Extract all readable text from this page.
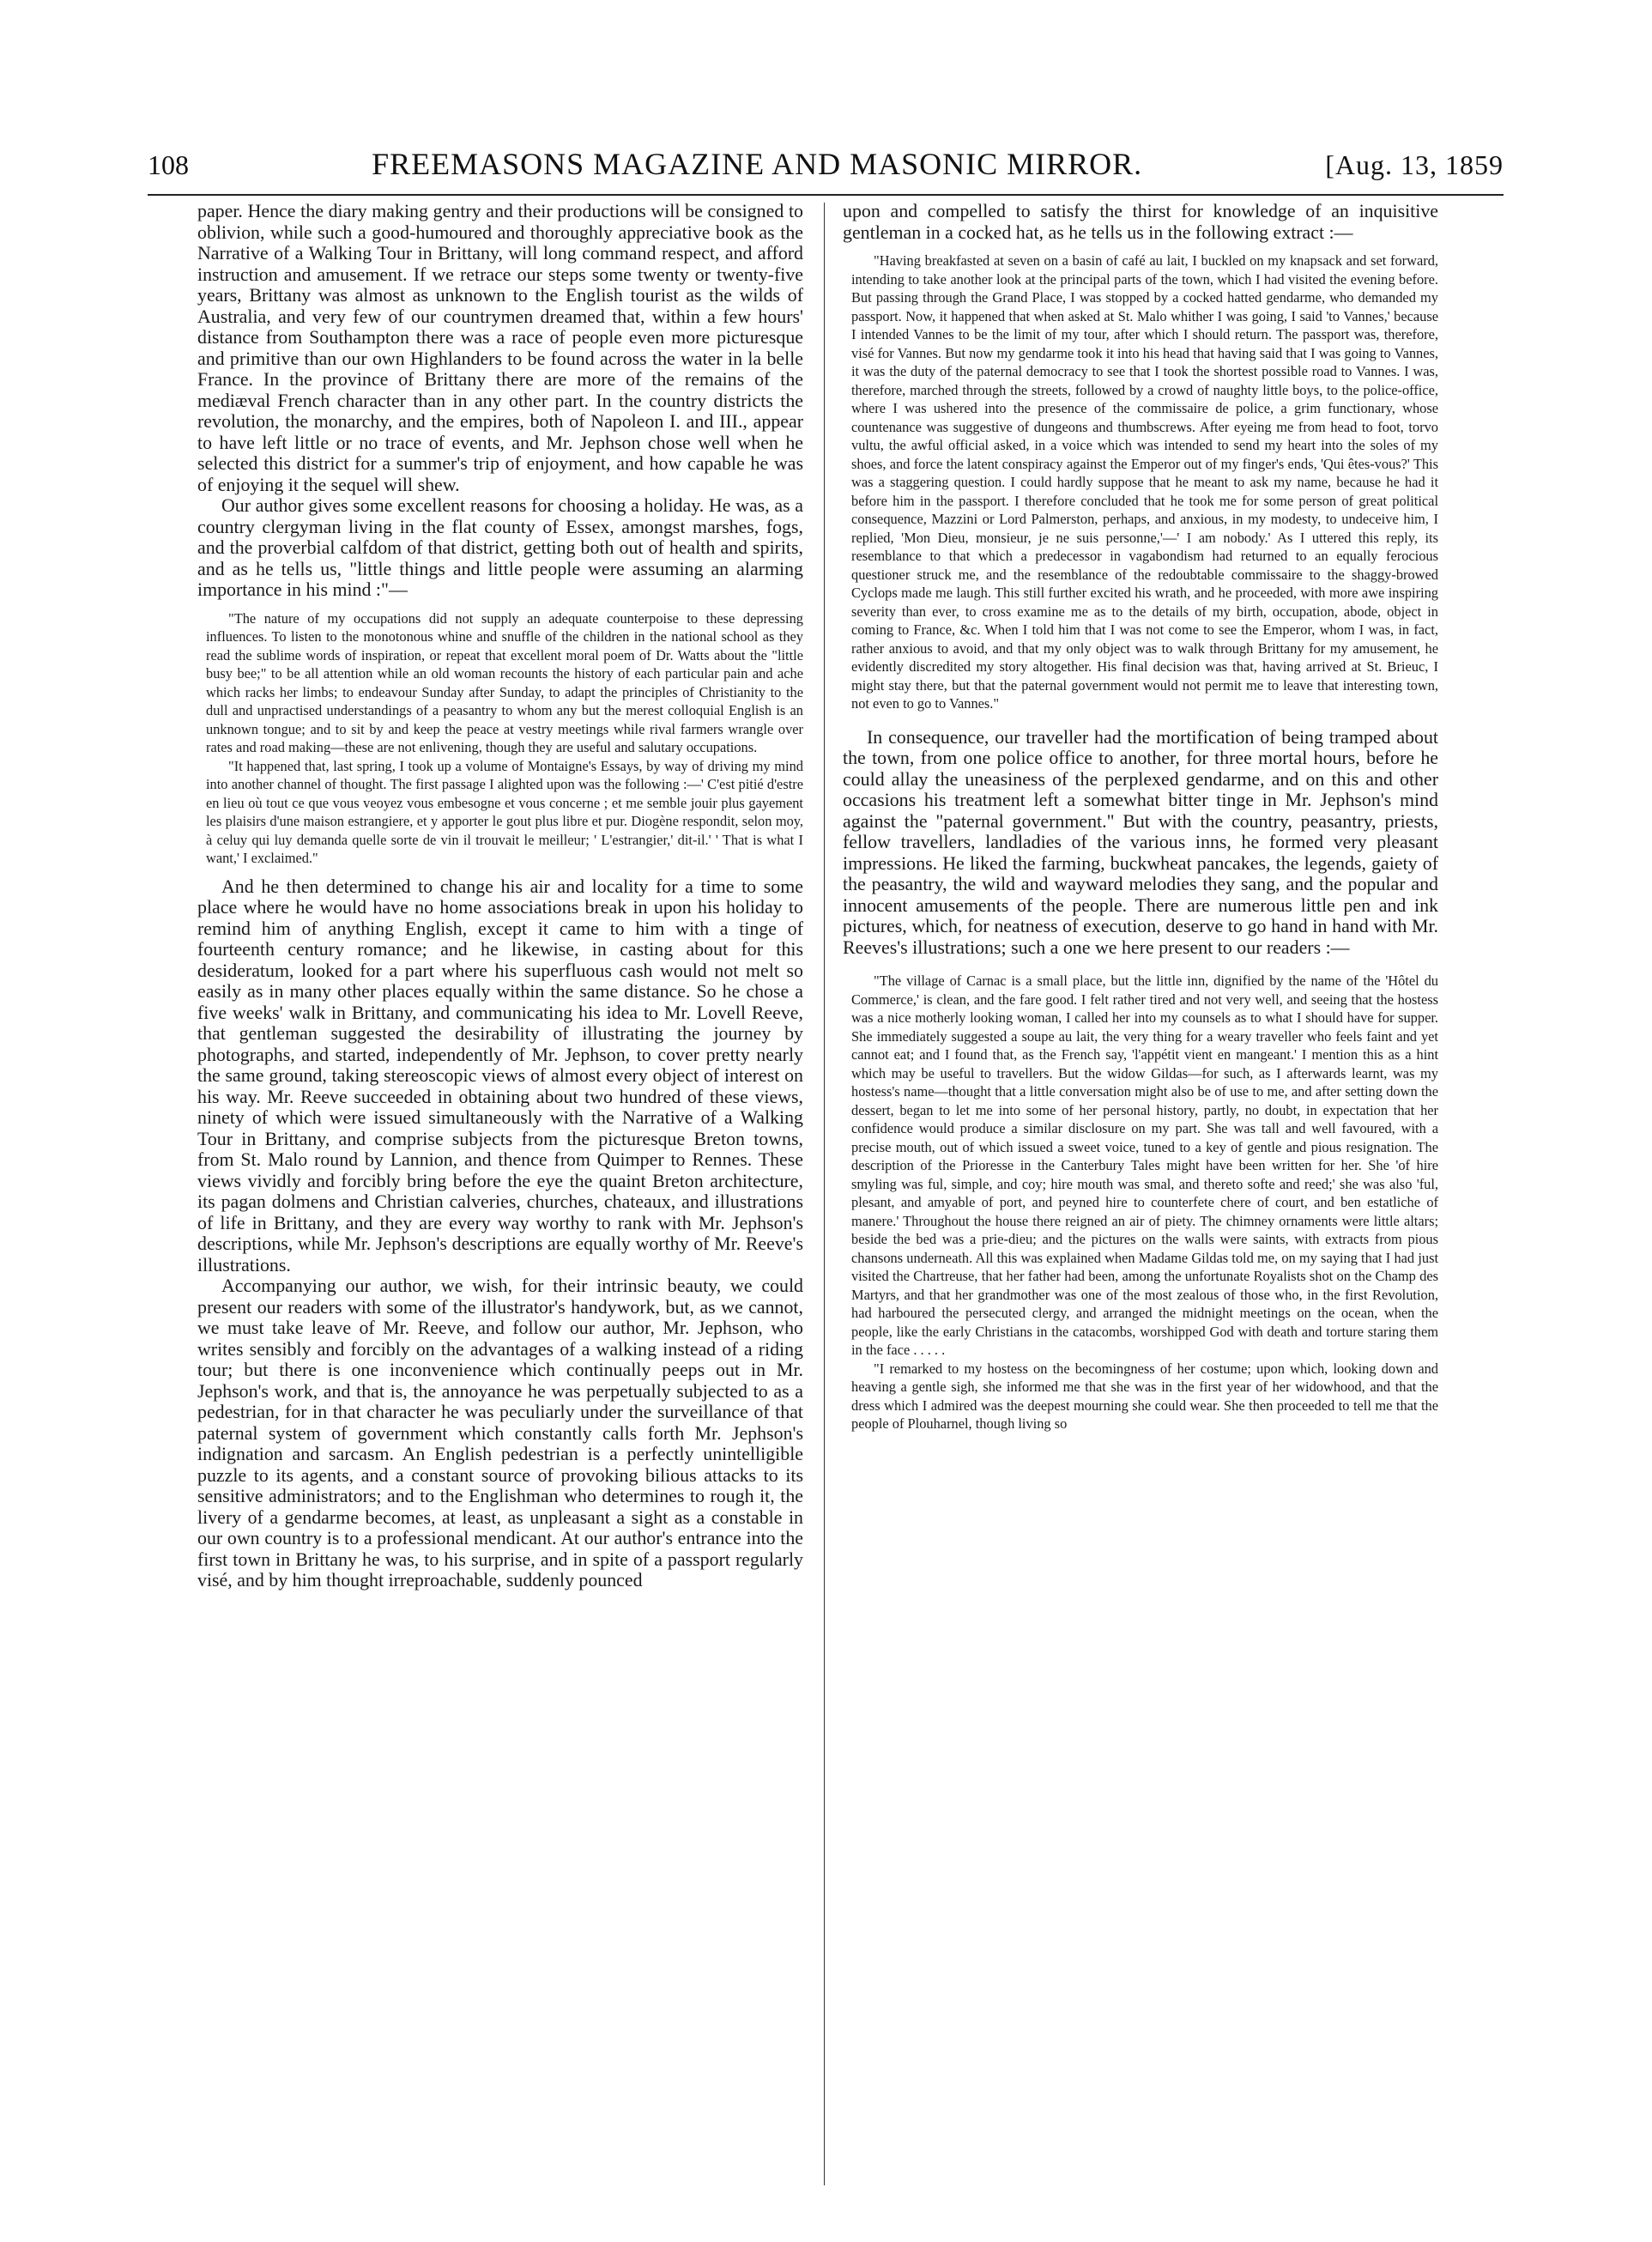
108	FREEMASONS MAGAZINE AND MASONIC MIRROR.	[Aug. 13, 1859

paper. Hence the diary making gentry and their productions will be consigned to oblivion, while such a good-humoured and thoroughly appreciative book as the Narrative of a Walking Tour in Brittany, will long command respect, and afford instruction and amusement. If we retrace our steps some twenty or twenty-five years, Brittany was almost as unknown to the English tourist as the wilds of Australia, and very few of our countrymen dreamed that, within a few hours' distance from Southampton there was a race of people even more picturesque and primitive than our own Highlanders to be found across the water in la belle France. In the province of Brittany there are more of the remains of the mediæval French character than in any other part. In the country districts the revolution, the monarchy, and the empires, both of Napoleon I. and III., appear to have left little or no trace of events, and Mr. Jephson chose well when he selected this district for a summer's trip of enjoyment, and how capable he was of enjoying it the sequel will shew.

Our author gives some excellent reasons for choosing a holiday. He was, as a country clergyman living in the flat county of Essex, amongst marshes, fogs, and the proverbial calfdom of that district, getting both out of health and spirits, and as he tells us, "little things and little people were assuming an alarming importance in his mind :"—

"The nature of my occupations did not supply an adequate counterpoise to these depressing influences. To listen to the monotonous whine and snuffle of the children in the national school as they read the sublime words of inspiration, or repeat that excellent moral poem of Dr. Watts about the "little busy bee;" to be all attention while an old woman recounts the history of each particular pain and ache which racks her limbs; to endeavour Sunday after Sunday, to adapt the principles of Christianity to the dull and unpractised understandings of a peasantry to whom any but the merest colloquial English is an unknown tongue; and to sit by and keep the peace at vestry meetings while rival farmers wrangle over rates and road making—these are not enlivening, though they are useful and salutary occupations.

"It happened that, last spring, I took up a volume of Montaigne's Essays, by way of driving my mind into another channel of thought. The first passage I alighted upon was the following :—' C'est pitié d'estre en lieu où tout ce que vous veoyez vous embesogne et vous concerne ; et me semble jouir plus gayement les plaisirs d'une maison estrangiere, et y apporter le gout plus libre et pur. Diogène respondit, selon moy, à celuy qui luy demanda quelle sorte de vin il trouvait le meilleur; ' L'estrangier,' dit-il.' ' That is what I want,' I exclaimed."

And he then determined to change his air and locality for a time to some place where he would have no home associations break in upon his holiday to remind him of anything English, except it came to him with a tinge of fourteenth century romance; and he likewise, in casting about for this desideratum, looked for a part where his superfluous cash would not melt so easily as in many other places equally within the same distance. So he chose a five weeks' walk in Brittany, and communicating his idea to Mr. Lovell Reeve, that gentleman suggested the desirability of illustrating the journey by photographs, and started, independently of Mr. Jephson, to cover pretty nearly the same ground, taking stereoscopic views of almost every object of interest on his way. Mr. Reeve succeeded in obtaining about two hundred of these views, ninety of which were issued simultaneously with the Narrative of a Walking Tour in Brittany, and comprise subjects from the picturesque Breton towns, from St. Malo round by Lannion, and thence from Quimper to Rennes. These views vividly and forcibly bring before the eye the quaint Breton architecture, its pagan dolmens and Christian calveries, churches, chateaux, and illustrations of life in Brittany, and they are every way worthy to rank with Mr. Jephson's descriptions, while Mr. Jephson's descriptions are equally worthy of Mr. Reeve's illustrations.

Accompanying our author, we wish, for their intrinsic beauty, we could present our readers with some of the illustrator's handywork, but, as we cannot, we must take leave of Mr. Reeve, and follow our author, Mr. Jephson, who writes sensibly and forcibly on the advantages of a walking instead of a riding tour; but there is one inconvenience which continually peeps out in Mr. Jephson's work, and that is, the annoyance he was perpetually subjected to as a pedestrian, for in that character he was peculiarly under the surveillance of that paternal system of government which constantly calls forth Mr. Jephson's indignation and sarcasm. An English pedestrian is a perfectly unintelligible puzzle to its agents, and a constant source of provoking bilious attacks to its sensitive administrators; and to the Englishman who determines to rough it, the livery of a gendarme becomes, at least, as unpleasant a sight as a constable in our own country is to a professional mendicant. At our author's entrance into the first town in Brittany he was, to his surprise, and in spite of a passport regularly visé, and by him thought irreproachable, suddenly pounced

upon and compelled to satisfy the thirst for knowledge of an inquisitive gentleman in a cocked hat, as he tells us in the following extract :—

"Having breakfasted at seven on a basin of café au lait, I buckled on my knapsack and set forward, intending to take another look at the principal parts of the town, which I had visited the evening before. But passing through the Grand Place, I was stopped by a cocked hatted gendarme, who demanded my passport. Now, it happened that when asked at St. Malo whither I was going, I said 'to Vannes,' because I intended Vannes to be the limit of my tour, after which I should return. The passport was, therefore, visé for Vannes. But now my gendarme took it into his head that having said that I was going to Vannes, it was the duty of the paternal democracy to see that I took the shortest possible road to Vannes. I was, therefore, marched through the streets, followed by a crowd of naughty little boys, to the police-office, where I was ushered into the presence of the commissaire de police, a grim functionary, whose countenance was suggestive of dungeons and thumbscrews. After eyeing me from head to foot, torvo vultu, the awful official asked, in a voice which was intended to send my heart into the soles of my shoes, and force the latent conspiracy against the Emperor out of my finger's ends, 'Qui êtes-vous?' This was a staggering question. I could hardly suppose that he meant to ask my name, because he had it before him in the passport. I therefore concluded that he took me for some person of great political consequence, Mazzini or Lord Palmerston, perhaps, and anxious, in my modesty, to undeceive him, I replied, 'Mon Dieu, monsieur, je ne suis personne,'—' I am nobody.' As I uttered this reply, its resemblance to that which a predecessor in vagabondism had returned to an equally ferocious questioner struck me, and the resemblance of the redoubtable commissaire to the shaggy-browed Cyclops made me laugh. This still further excited his wrath, and he proceeded, with more awe inspiring severity than ever, to cross examine me as to the details of my birth, occupation, abode, object in coming to France, &c. When I told him that I was not come to see the Emperor, whom I was, in fact, rather anxious to avoid, and that my only object was to walk through Brittany for my amusement, he evidently discredited my story altogether. His final decision was that, having arrived at St. Brieuc, I might stay there, but that the paternal government would not permit me to leave that interesting town, not even to go to Vannes."

In consequence, our traveller had the mortification of being tramped about the town, from one police office to another, for three mortal hours, before he could allay the uneasiness of the perplexed gendarme, and on this and other occasions his treatment left a somewhat bitter tinge in Mr. Jephson's mind against the "paternal government." But with the country, peasantry, priests, fellow travellers, landladies of the various inns, he formed very pleasant impressions. He liked the farming, buckwheat pancakes, the legends, gaiety of the peasantry, the wild and wayward melodies they sang, and the popular and innocent amusements of the people. There are numerous little pen and ink pictures, which, for neatness of execution, deserve to go hand in hand with Mr. Reeves's illustrations; such a one we here present to our readers :—

"The village of Carnac is a small place, but the little inn, dignified by the name of the 'Hôtel du Commerce,' is clean, and the fare good. I felt rather tired and not very well, and seeing that the hostess was a nice motherly looking woman, I called her into my counsels as to what I should have for supper. She immediately suggested a soupe au lait, the very thing for a weary traveller who feels faint and yet cannot eat; and I found that, as the French say, 'l'appétit vient en mangeant.' I mention this as a hint which may be useful to travellers. But the widow Gildas—for such, as I afterwards learnt, was my hostess's name—thought that a little conversation might also be of use to me, and after setting down the dessert, began to let me into some of her personal history, partly, no doubt, in expectation that her confidence would produce a similar disclosure on my part. She was tall and well favoured, with a precise mouth, out of which issued a sweet voice, tuned to a key of gentle and pious resignation. The description of the Prioresse in the Canterbury Tales might have been written for her. She 'of hire smyling was ful, simple, and coy; hire mouth was smal, and thereto softe and reed;' she was also 'ful, plesant, and amyable of port, and peyned hire to counterfete chere of court, and ben estatliche of manere.' Throughout the house there reigned an air of piety. The chimney ornaments were little altars; beside the bed was a prie-dieu; and the pictures on the walls were saints, with extracts from pious chansons underneath. All this was explained when Madame Gildas told me, on my saying that I had just visited the Chartreuse, that her father had been, among the unfortunate Royalists shot on the Champ des Martyrs, and that her grandmother was one of the most zealous of those who, in the first Revolution, had harboured the persecuted clergy, and arranged the midnight meetings on the ocean, when the people, like the early Christians in the catacombs, worshipped God with death and torture staring them in the face . . . . .

"I remarked to my hostess on the becomingness of her costume; upon which, looking down and heaving a gentle sigh, she informed me that she was in the first year of her widowhood, and that the dress which I admired was the deepest mourning she could wear. She then proceeded to tell me that the people of Plouharnel, though living so
